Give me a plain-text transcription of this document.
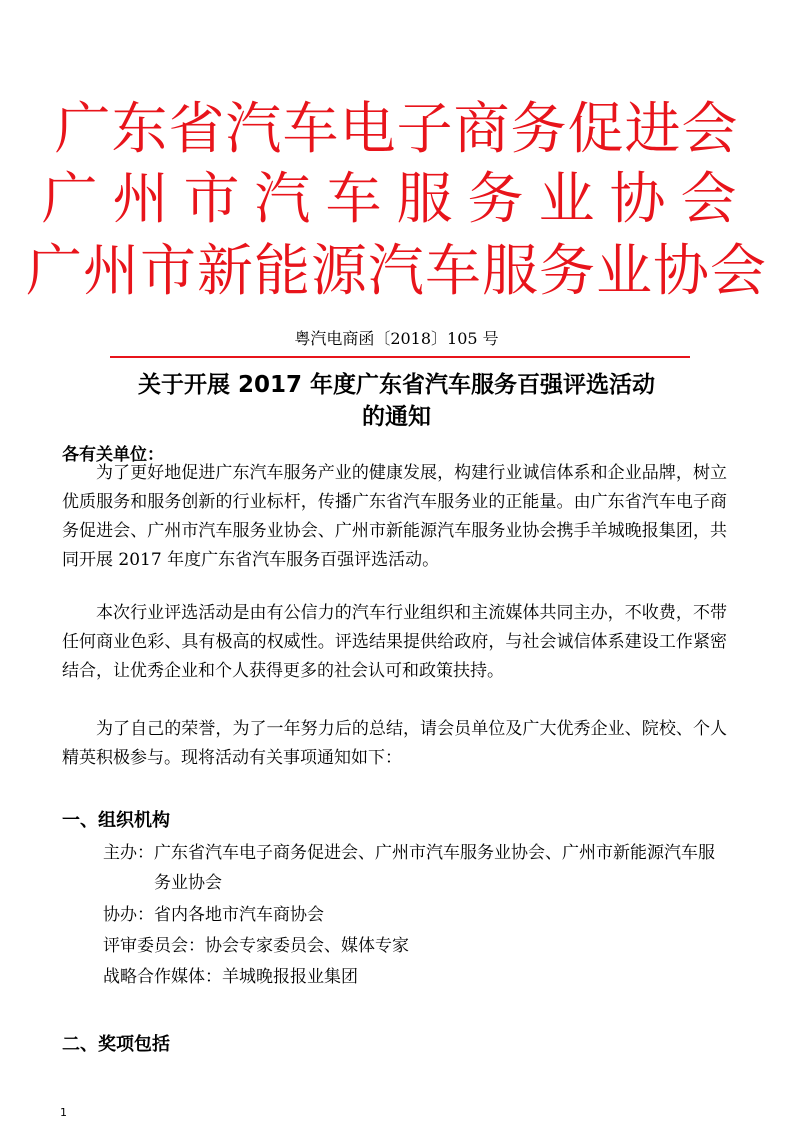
广东省汽车电子商务促进会
广州市汽车服务业协会
广州市新能源汽车服务业协会
粤汽电商函〔2018〕105 号
关于开展 2017 年度广东省汽车服务百强评选活动
的通知
各有关单位：

为了更好地促进广东汽车服务产业的健康发展，构建行业诚信体系和企业品牌，树立优质服务和服务创新的行业标杆，传播广东省汽车服务业的正能量。由广东省汽车电子商务促进会、广州市汽车服务业协会、广州市新能源汽车服务业协会携手羊城晚报集团，共同开展 2017 年度广东省汽车服务百强评选活动。

本次行业评选活动是由有公信力的汽车行业组织和主流媒体共同主办，不收费，不带任何商业色彩、具有极高的权威性。评选结果提供给政府，与社会诚信体系建设工作紧密结合，让优秀企业和个人获得更多的社会认可和政策扶持。

为了自己的荣誉，为了一年努力后的总结，请会员单位及广大优秀企业、院校、个人精英积极参与。现将活动有关事项通知如下：

一、组织机构
主办： 广东省汽车电子商务促进会、广州市汽车服务业协会、广州市新能源汽车服务业协会
协办：省内各地市汽车商协会
评审委员会：协会专家委员会、媒体专家
战略合作媒体：羊城晚报报业集团
二、奖项包括
1
